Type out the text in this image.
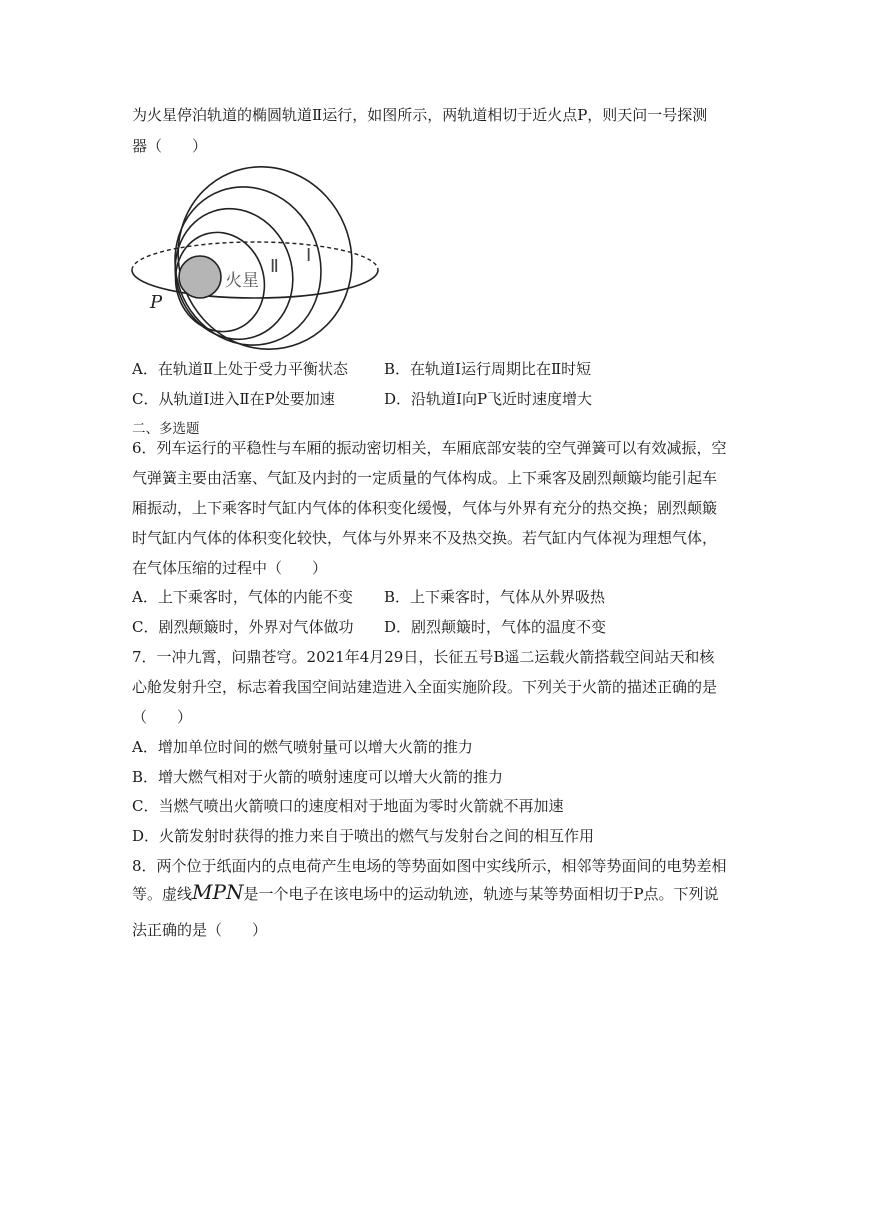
为火星停泊轨道的椭圆轨道Ⅱ运行，如图所示，两轨道相切于近火点P，则天问一号探测
器（　　）
火星
Ⅱ
Ⅰ
P
A．在轨道Ⅱ上处于受力平衡状态 B．在轨道Ⅰ运行周期比在Ⅱ时短
C．从轨道Ⅰ进入Ⅱ在P处要加速	D．沿轨道Ⅰ向P飞近时速度增大
二、多选题
6．列车运行的平稳性与车厢的振动密切相关，车厢底部安装的空气弹簧可以有效减振，空
气弹簧主要由活塞、气缸及内封的一定质量的气体构成。上下乘客及剧烈颠簸均能引起车
厢振动，上下乘客时气缸内气体的体积变化缓慢，气体与外界有充分的热交换；剧烈颠簸
时气缸内气体的体积变化较快，气体与外界来不及热交换。若气缸内气体视为理想气体，
在气体压缩的过程中（　　）
A．上下乘客时，气体的内能不变 B．上下乘客时，气体从外界吸热
C．剧烈颠簸时，外界对气体做功 D．剧烈颠簸时，气体的温度不变
7．一冲九霄，问鼎苍穹。2021年4月29日，长征五号B遥二运载火箭搭载空间站天和核
心舱发射升空，标志着我国空间站建造进入全面实施阶段。下列关于火箭的描述正确的是
（　　）
A．增加单位时间的燃气喷射量可以增大火箭的推力
B．增大燃气相对于火箭的喷射速度可以增大火箭的推力
C．当燃气喷出火箭喷口的速度相对于地面为零时火箭就不再加速
D．火箭发射时获得的推力来自于喷出的燃气与发射台之间的相互作用
8．两个位于纸面内的点电荷产生电场的等势面如图中实线所示，相邻等势面间的电势差相
等。虚线MPN是一个电子在该电场中的运动轨迹，轨迹与某等势面相切于P点。下列说
法正确的是（　　）
